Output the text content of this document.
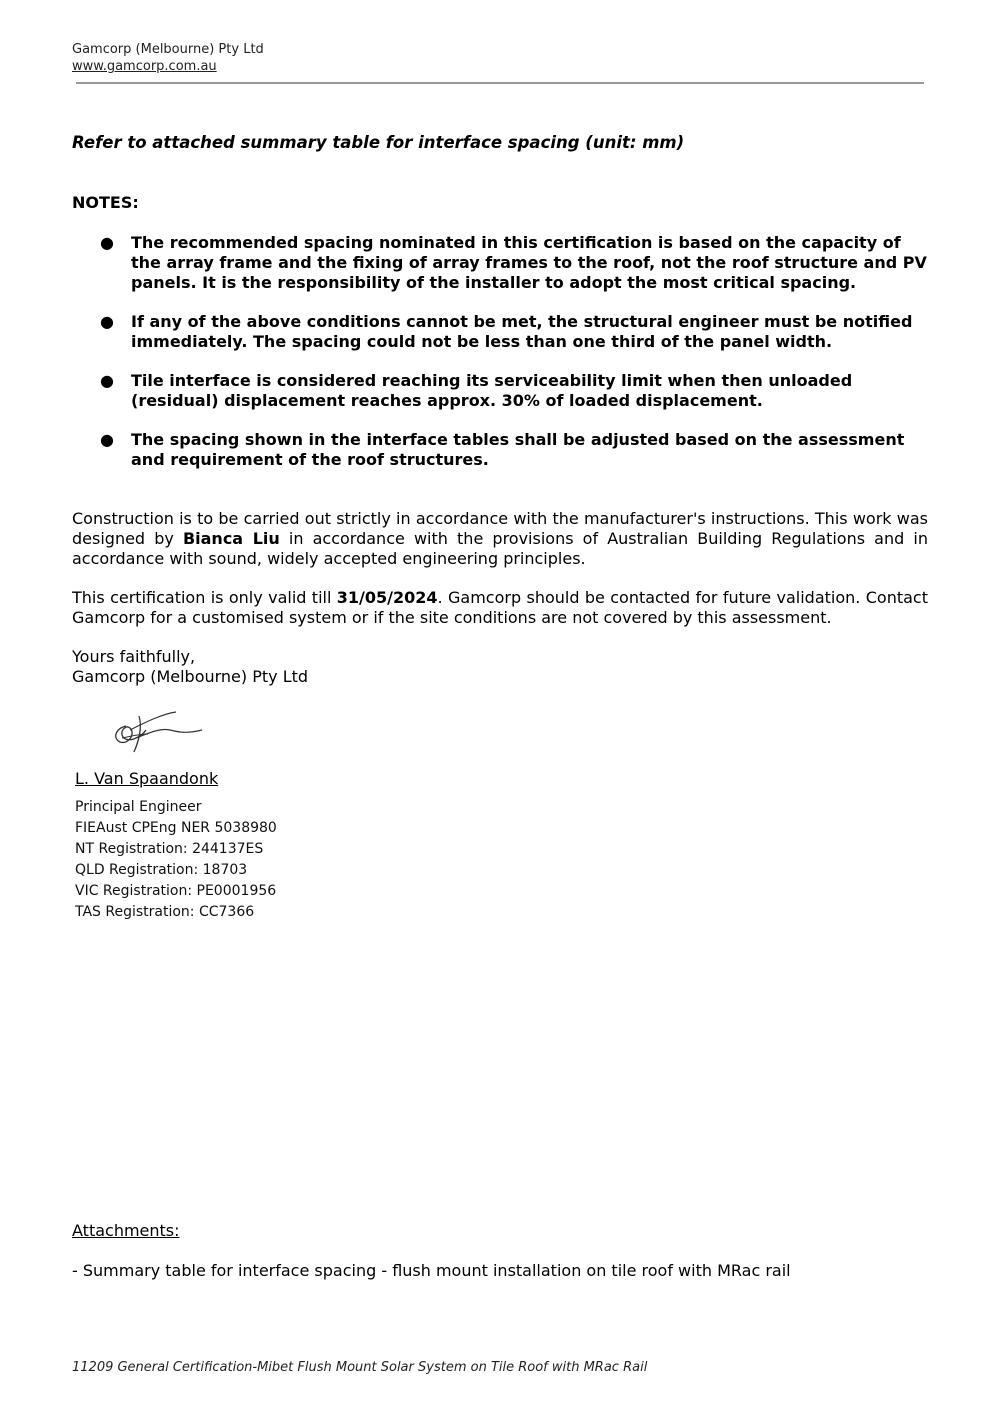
Gamcorp (Melbourne) Pty Ltd
www.gamcorp.com.au
Refer to attached summary table for interface spacing (unit: mm)
NOTES:
● The recommended spacing nominated in this certification is based on the capacity of the array frame and the fixing of array frames to the roof, not the roof structure and PV panels. It is the responsibility of the installer to adopt the most critical spacing.
● If any of the above conditions cannot be met, the structural engineer must be notified immediately. The spacing could not be less than one third of the panel width.
● Tile interface is considered reaching its serviceability limit when then unloaded (residual) displacement reaches approx. 30% of loaded displacement.
● The spacing shown in the interface tables shall be adjusted based on the assessment and requirement of the roof structures.
Construction is to be carried out strictly in accordance with the manufacturer's instructions. This work was designed by Bianca Liu in accordance with the provisions of Australian Building Regulations and in accordance with sound, widely accepted engineering principles.
This certification is only valid till 31/05/2024. Gamcorp should be contacted for future validation. Contact Gamcorp for a customised system or if the site conditions are not covered by this assessment.
Yours faithfully,
Gamcorp (Melbourne) Pty Ltd
L. Van Spaandonk
Principal Engineer
FIEAust CPEng NER 5038980
NT Registration: 244137ES
QLD Registration: 18703
VIC Registration: PE0001956
TAS Registration: CC7366
Attachments:
- Summary table for interface spacing - flush mount installation on tile roof with MRac rail
11209 General Certification-Mibet Flush Mount Solar System on Tile Roof with MRac Rail
